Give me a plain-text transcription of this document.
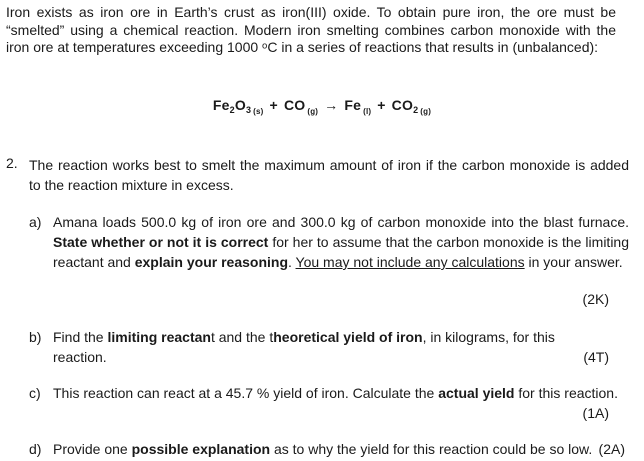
Iron exists as iron ore in Earth’s crust as iron(III) oxide. To obtain pure iron, the ore must be “smelted” using a chemical reaction. Modern iron smelting combines carbon monoxide with the iron ore at temperatures exceeding 1000 ᵒC in a series of reactions that results in (unbalanced):
$Fe_2O_3$ $_{(s)}$ + CO $_{(g)}$ → Fe $_{(l)} + CO_2$ $_{(g)}$
2. The reaction works best to smelt the maximum amount of iron if the carbon monoxide is added to the reaction mixture in excess.
a) Amana loads 500.0 kg of iron ore and 300.0 kg of carbon monoxide into the blast furnace. State whether or not it is correct for her to assume that the carbon monoxide is the limiting reactant and explain your reasoning. You may not include any calculations in your answer.
(2K)
b) Find the limiting reactant and the theoretical yield of iron, in kilograms, for this reaction.	(4T)
c) This reaction can react at a 45.7 % yield of iron. Calculate the actual yield for this reaction.
(1A)
d) Provide one possible explanation as to why the yield for this reaction could be so low. (2A)
